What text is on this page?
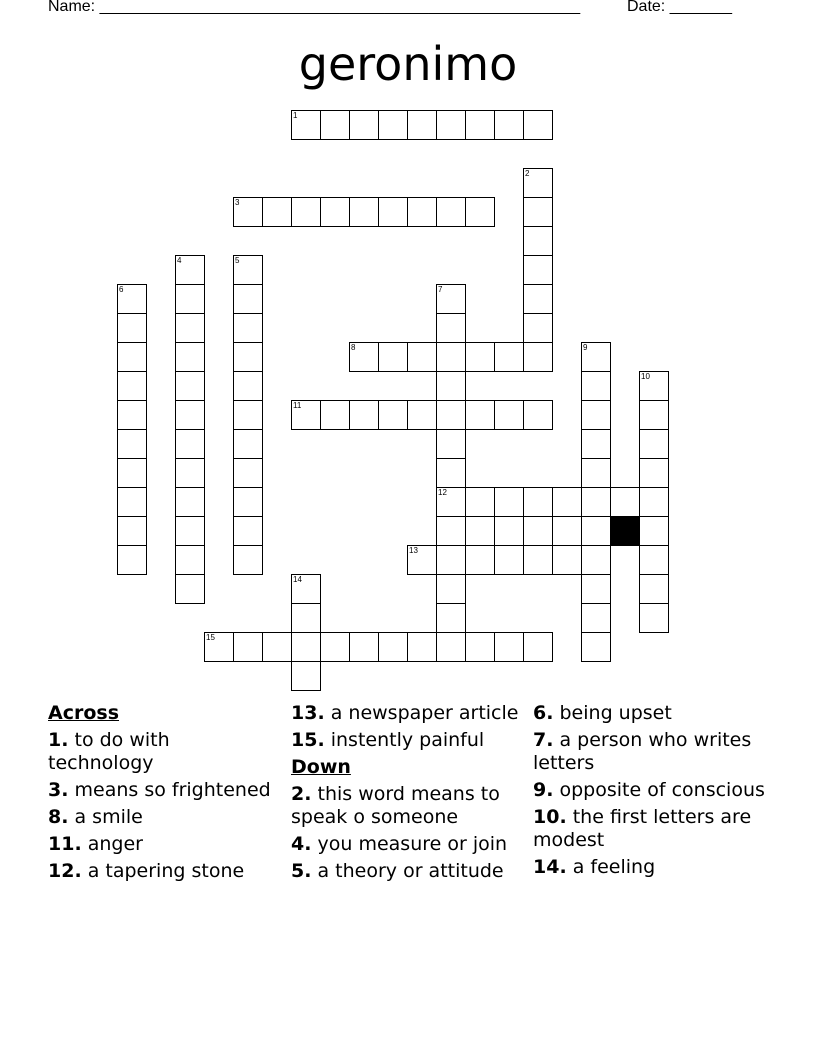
Name: ______________________________________________________	Date: _______
geronimo
1
3
8
11
12
13
15
2
4	5
6	7
9
10
14
Across
1. to do with technology
3. means so frightened
8. a smile
11. anger
12. a tapering stone
13. a newspaper article
15. instently painful
Down
2. this word means to speak o someone
4. you measure or join
5. a theory or attitude
6. being upset
7. a person who writes letters
9. opposite of conscious
10. the first letters are modest
14. a feeling
